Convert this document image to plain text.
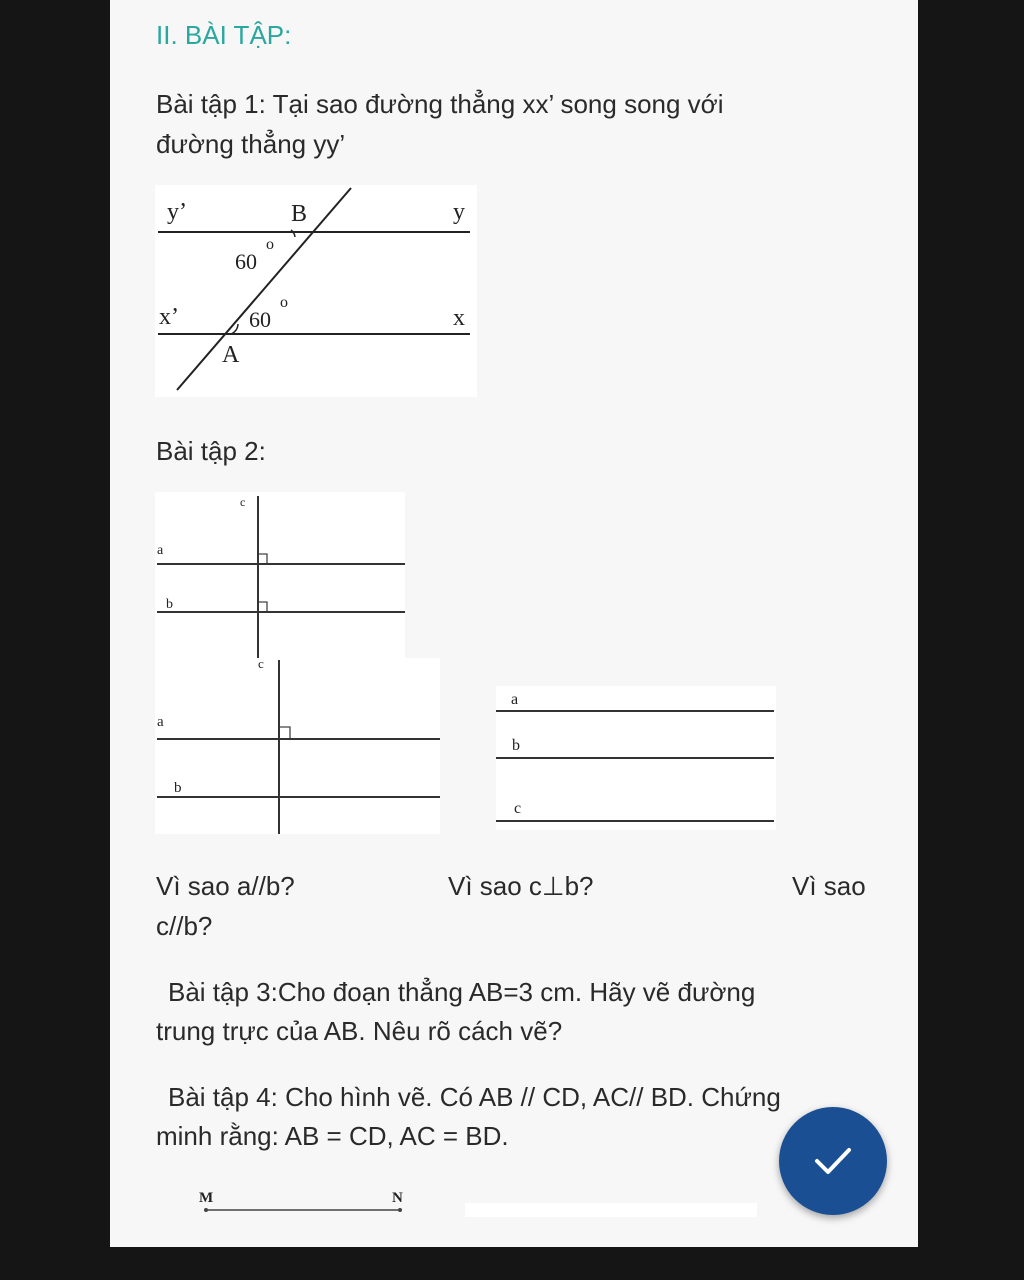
II. BÀI TẬP:
Bài tập 1: Tại sao đường thẳng xx’ song song với
đường thẳng yy’
y’	B	y
60
o
x’	60
o
x
A
Bài tập 2:
c
a
b
c
a
b
a
b
c
Vì sao a//b?	Vì sao c⊥b?	Vì sao
c//b?
Bài tập 3:Cho đoạn thẳng AB=3 cm. Hãy vẽ đường
trung trực của AB. Nêu rõ cách vẽ?
Bài tập 4: Cho hình vẽ. Có AB // CD, AC// BD. Chứng
minh rằng: AB = CD, AC = BD.
M	N
